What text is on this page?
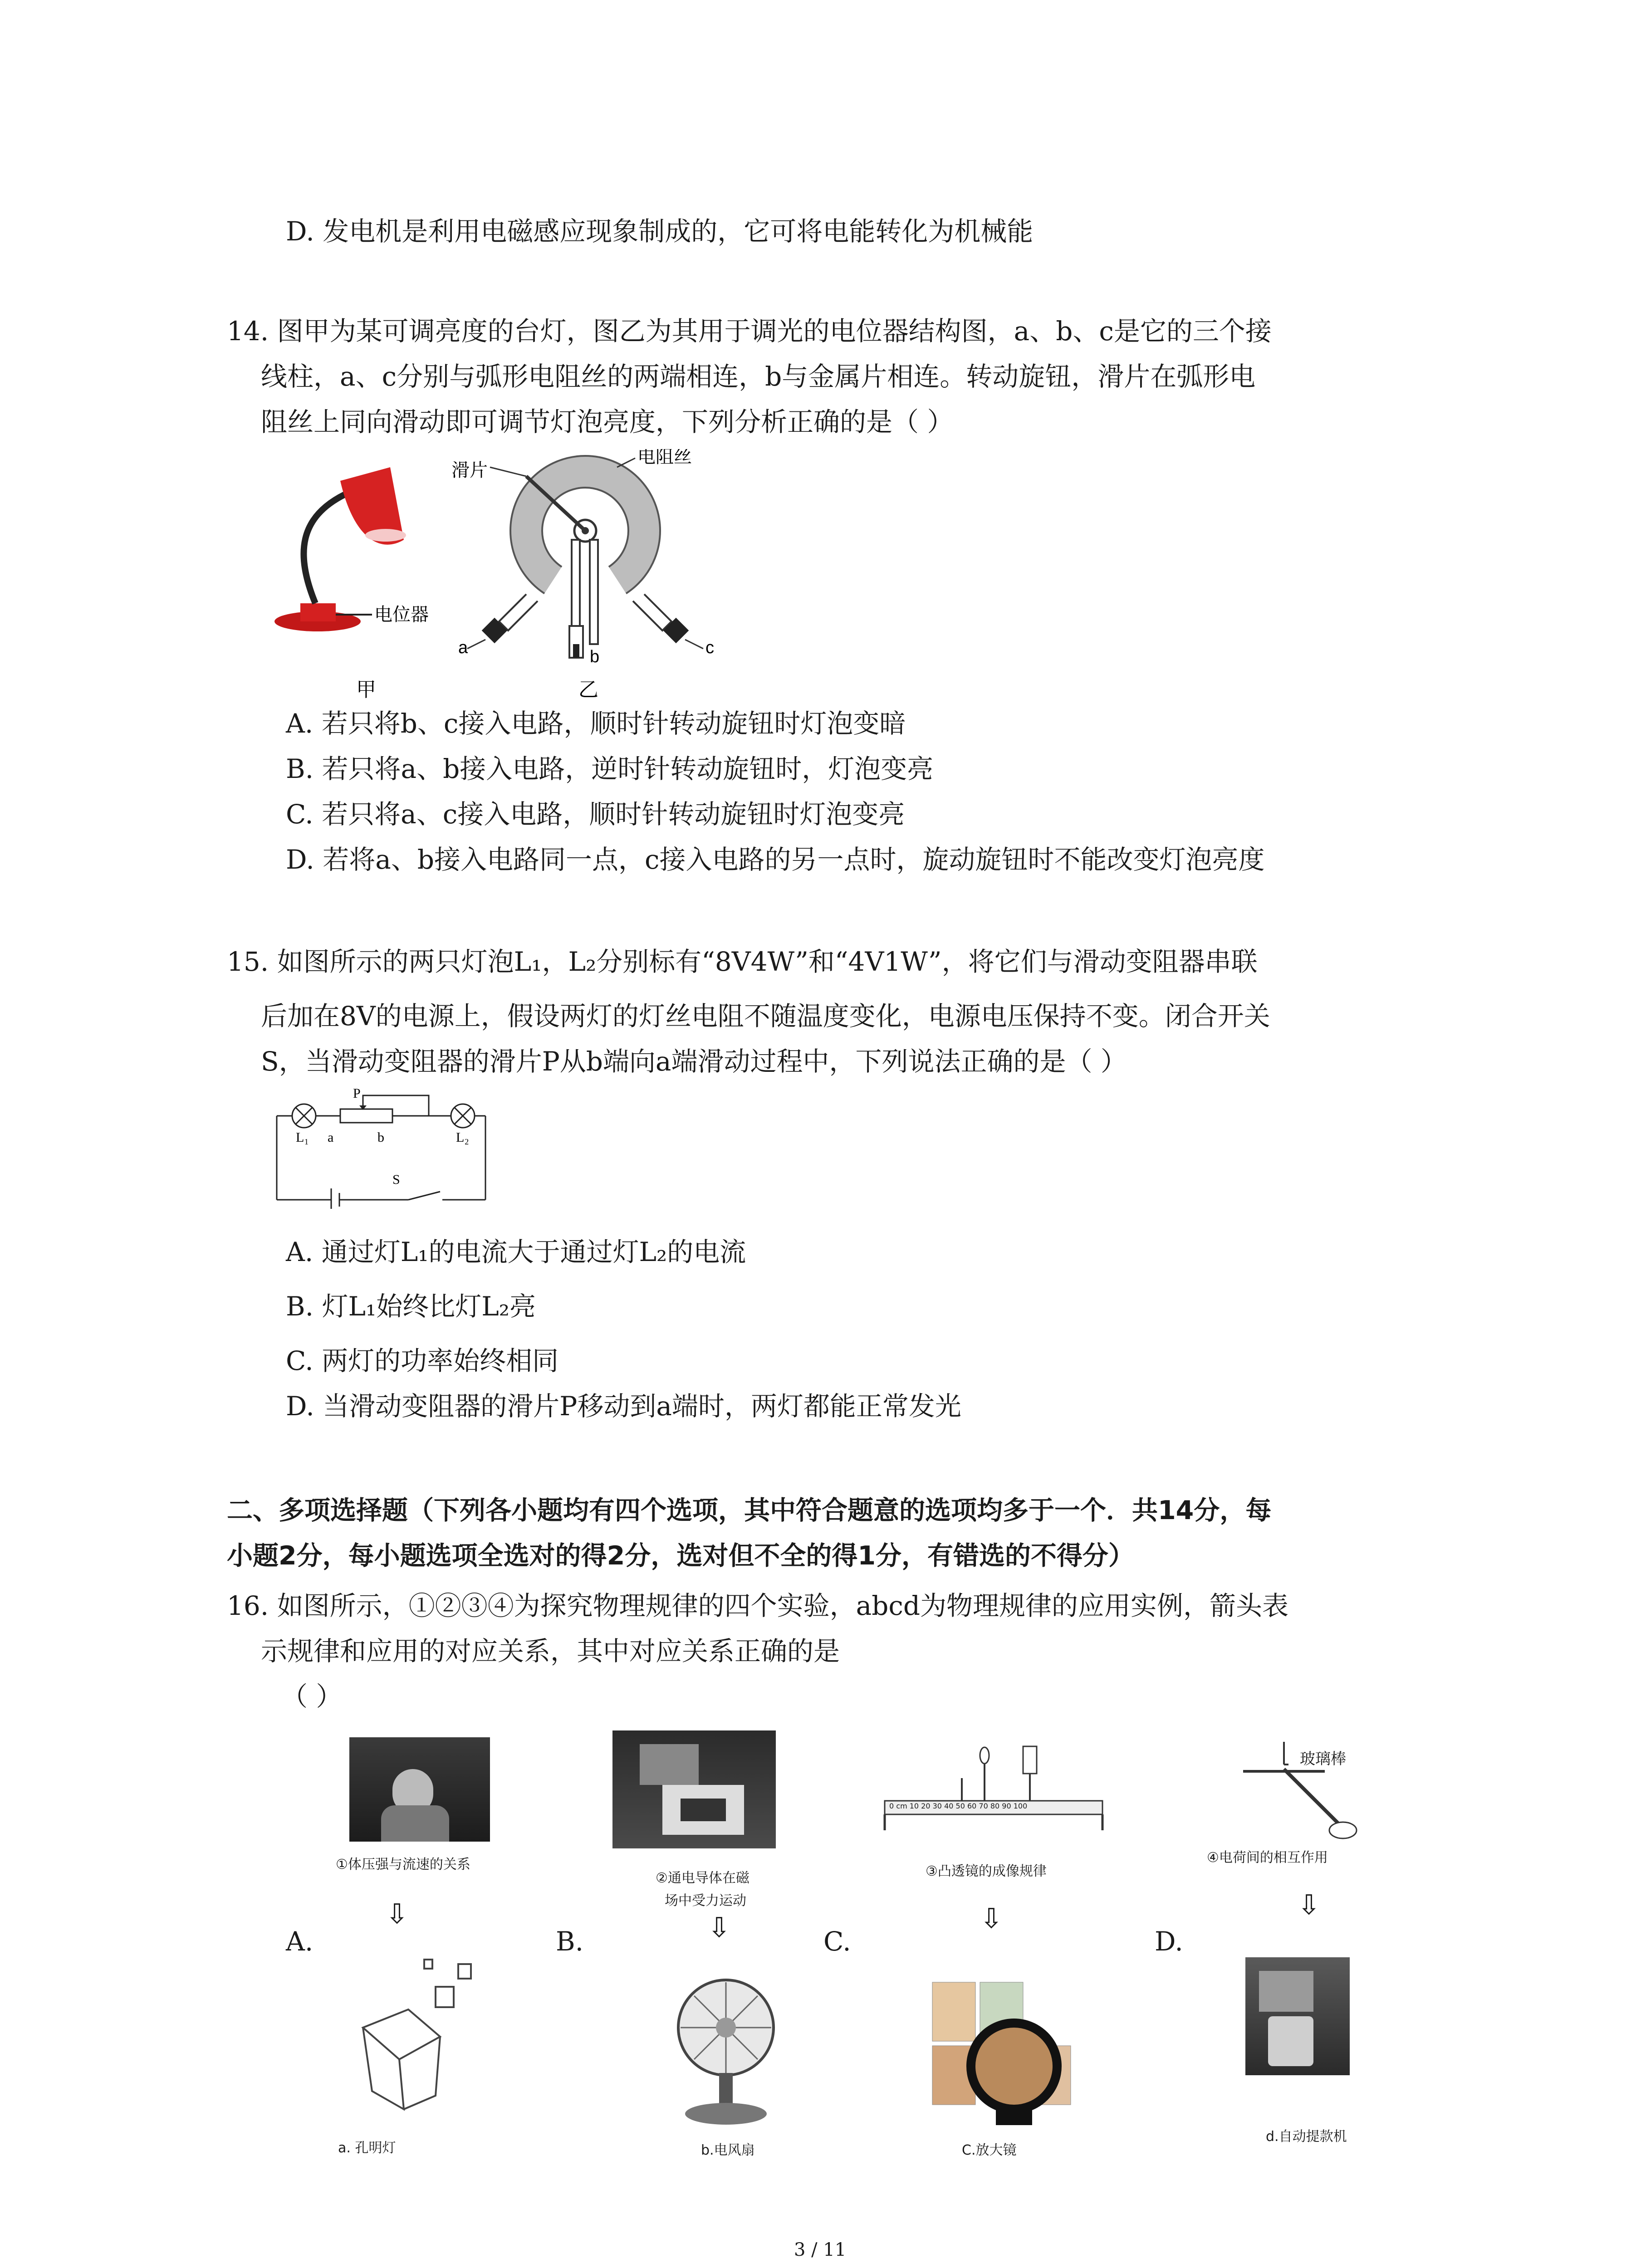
D. 发电机是利用电磁感应现象制成的，它可将电能转化为机械能
14. 图甲为某可调亮度的台灯，图乙为其用于调光的电位器结构图，a、b、c是它的三个接
线柱，a、c分别与弧形电阻丝的两端相连，b与金属片相连。转动旋钮，滑片在弧形电
阻丝上同向滑动即可调节灯泡亮度，下列分析正确的是（ ）
电位器
甲
滑片
电阻丝
a	b	c
乙
A. 若只将b、c接入电路，顺时针转动旋钮时灯泡变暗
B. 若只将a、b接入电路，逆时针转动旋钮时，灯泡变亮
C. 若只将a、c接入电路，顺时针转动旋钮时灯泡变亮
D. 若将a、b接入电路同一点，c接入电路的另一点时，旋动旋钮时不能改变灯泡亮度
15. 如图所示的两只灯泡L₁，L₂分别标有“8V4W”和“4V1W”，将它们与滑动变阻器串联
后加在8V的电源上，假设两灯的灯丝电阻不随温度变化，电源电压保持不变。闭合开关
S，当滑动变阻器的滑片P从b端向a端滑动过程中，下列说法正确的是（ ）
P
L₁ a	b	L₂
S
A. 通过灯L₁的电流大于通过灯L₂的电流
B. 灯L₁始终比灯L₂亮
C. 两灯的功率始终相同
D. 当滑动变阻器的滑片P移动到a端时，两灯都能正常发光
二、多项选择题（下列各小题均有四个选项，其中符合题意的选项均多于一个．共14分，每
小题2分，每小题选项全选对的得2分，选对但不全的得1分，有错选的不得分）
16. 如图所示，①②③④为探究物理规律的四个实验，abcd为物理规律的应用实例，箭头表
示规律和应用的对应关系，其中对应关系正确的是
（ ）
①体压强与流速的关系
②通电导体在磁
场中受力运动
0 cm 10 20 30 40 50 60 70 80 90 100
③凸透镜的成像规律
玻璃棒
④电荷间的相互作用
A.	B.	C.	D.
⇩	⇩	⇩	⇩
a. 孔明灯	b.电风扇	C.放大镜
d.自动提款机
3 / 11
